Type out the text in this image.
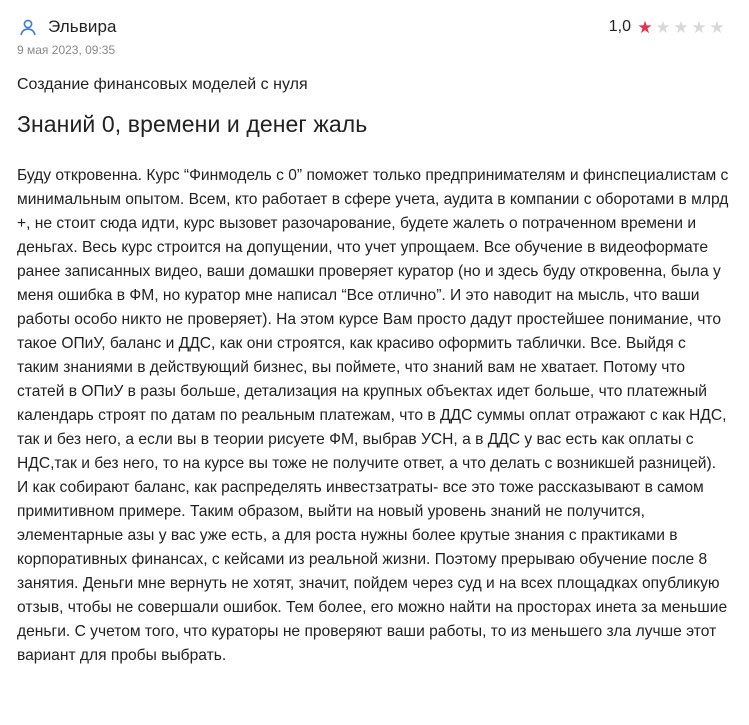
Эльвира
9 мая 2023, 09:35
1,0 ★ ★ ★ ★ ★
Создание финансовых моделей с нуля
Знаний 0, времени и денег жаль

Буду откровенна. Курс “Финмодель с 0” поможет только предпринимателям и финспециалистам с минимальным опытом. Всем, кто работает в сфере учета, аудита в компании с оборотами в млрд +, не стоит сюда идти, курс вызовет разочарование, будете жалеть о потраченном времени и деньгах. Весь курс строится на допущении, что учет упрощаем. Все обучение в видеоформате ранее записанных видео, ваши домашки проверяет куратор (но и здесь буду откровенна, была у меня ошибка в ФМ, но куратор мне написал “Все отлично”. И это наводит на мысль, что ваши работы особо никто не проверяет). На этом курсе Вам просто дадут простейшее понимание, что такое ОПиУ, баланс и ДДС, как они строятся, как красиво оформить таблички. Все. Выйдя с таким знаниями в действующий бизнес, вы поймете, что знаний вам не хватает. Потому что статей в ОПиУ в разы больше, детализация на крупных объектах идет больше, что платежный календарь строят по датам по реальным платежам, что в ДДС суммы оплат отражают с как НДС, так и без него, а если вы в теории рисуете ФМ, выбрав УСН, а в ДДС у вас есть как оплаты с НДС,так и без него, то на курсе вы тоже не получите ответ, а что делать с возникшей разницей). И как собирают баланс, как распределять инвестзатраты- все это тоже рассказывают в самом примитивном примере. Таким образом, выйти на новый уровень знаний не получится, элементарные азы у вас уже есть, а для роста нужны более крутые знания с практиками в корпоративных финансах, с кейсами из реальной жизни. Поэтому прерываю обучение после 8 занятия. Деньги мне вернуть не хотят, значит, пойдем через суд и на всех площадках опубликую отзыв, чтобы не совершали ошибок. Тем более, его можно найти на просторах инета за меньшие деньги. С учетом того, что кураторы не проверяют ваши работы, то из меньшего зла лучше этот вариант для пробы выбрать.
